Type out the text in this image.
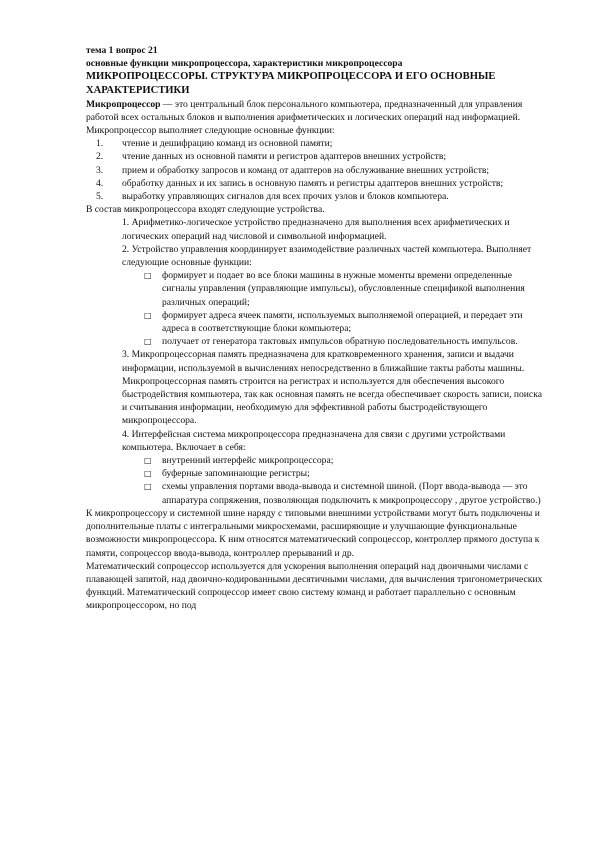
тема 1 вопрос 21

основные функции микропроцессора, характеристики микропроцессора

МИКРОПРОЦЕССОРЫ. СТРУКТУРА МИКРОПРОЦЕССОРА И ЕГО ОСНОВНЫЕ ХАРАКТЕРИСТИКИ

Микропроцессор — это центральный блок персонального компьютера, предназначенный для управления работой всех остальных блоков и выполнения арифметических и логических операций над информацией.

Микропроцессор выполняет следующие основные функции:

1.	чтение и дешифрацию команд из основной памяти;
2.	чтение данных из основной памяти и регистров адаптеров внешних устройств;
3.	прием и обработку запросов и команд от адаптеров на обслуживание внешних устройств;
4.	обработку данных и их запись в основную память и регистры адаптеров внешних устройств;
5.	выработку управляющих сигналов для всех прочих узлов и блоков компьютера.

В состав микропроцессора входят следующие устройства.

1. Арифметико-логическое устройство предназначено для выполнения всех арифметических и логических операций над числовой и символьной информацией.

2. Устройство управления координирует взаимодействие различных частей компьютера. Выполняет следующие основные функции:

□	формирует и подает во все блоки машины в нужные моменты времени определенные сигналы управления (управляющие импульсы), обусловленные спецификой выполнения различных операций;
□	формирует адреса ячеек памяти, используемых выполняемой операцией, и передает эти адреса в соответствующие блоки компьютера;
□	получает от генератора тактовых импульсов обратную последовательность импульсов.

3. Микропроцессорная память предназначена для кратковременного хранения, записи и выдачи информации, используемой в вычислениях непосредственно в ближайшие такты работы машины. Микропроцессорная память строится на регистрах и используется для обеспечения высокого быстродействия компьютера, так как основная память не всегда обеспечивает скорость записи, поиска и считывания информации, необходимую для эффективной работы быстродействующего микропроцессора.

4. Интерфейсная система микропроцессора предназначена для связи с другими устройствами компьютера. Включает в себя:

□	внутренний интерфейс микропроцессора;
□	буферные запоминающие регистры;
□	схемы управления портами ввода-вывода и системной шиной. (Порт ввода-вывода — это аппаратура сопряжения, позволяющая подключить к микропроцессору , другое устройство.)

К микропроцессору и системной шине наряду с типовыми внешними устройствами могут быть подключены и дополнительные платы с интегральными микросхемами, расширяющие и улучшающие функциональные возможности микропроцессора. К ним относятся математический сопроцессор, контроллер прямого доступа к памяти, сопроцессор ввода-вывода, контроллер прерываний и др.

Математический сопроцессор используется для ускорения выполнения операций над двоичными числами с плавающей запятой, над двоично-кодированными десятичными числами, для вычисления тригонометрических функций. Математический сопроцессор имеет свою систему команд и работает параллельно с основным микропроцессором, но под
